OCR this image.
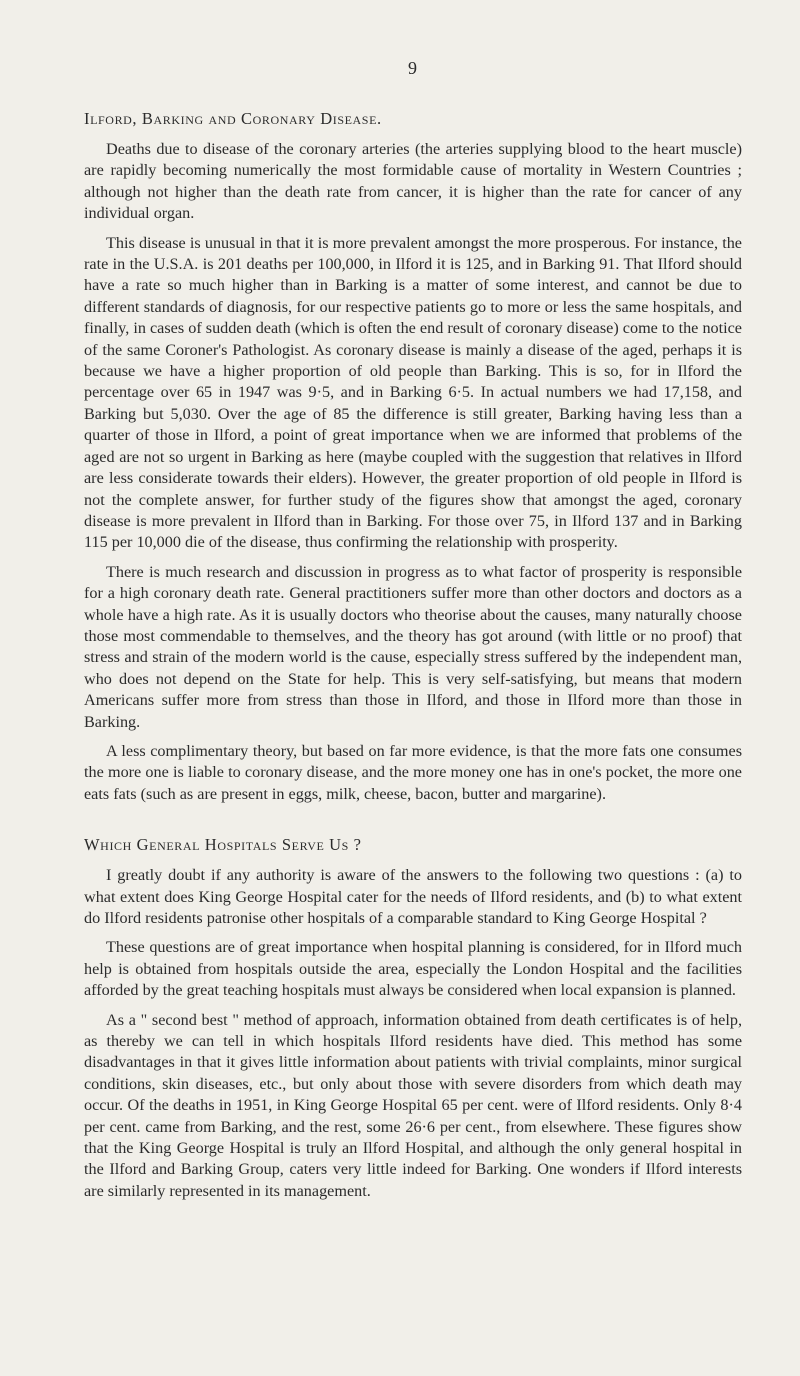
9
Ilford, Barking and Coronary Disease.

Deaths due to disease of the coronary arteries (the arteries supplying blood to the heart muscle) are rapidly becoming numerically the most formidable cause of mortality in Western Countries ; although not higher than the death rate from cancer, it is higher than the rate for cancer of any individual organ.

This disease is unusual in that it is more prevalent amongst the more prosperous. For instance, the rate in the U.S.A. is 201 deaths per 100,000, in Ilford it is 125, and in Barking 91. That Ilford should have a rate so much higher than in Barking is a matter of some interest, and cannot be due to different standards of diagnosis, for our respective patients go to more or less the same hospitals, and finally, in cases of sudden death (which is often the end result of coronary disease) come to the notice of the same Coroner's Pathologist. As coronary disease is mainly a disease of the aged, perhaps it is because we have a higher proportion of old people than Barking. This is so, for in Ilford the percentage over 65 in 1947 was 9·5, and in Barking 6·5. In actual numbers we had 17,158, and Barking but 5,030. Over the age of 85 the difference is still greater, Barking having less than a quarter of those in Ilford, a point of great importance when we are informed that problems of the aged are not so urgent in Barking as here (maybe coupled with the suggestion that relatives in Ilford are less considerate towards their elders). However, the greater proportion of old people in Ilford is not the complete answer, for further study of the figures show that amongst the aged, coronary disease is more prevalent in Ilford than in Barking. For those over 75, in Ilford 137 and in Barking 115 per 10,000 die of the disease, thus confirming the relationship with prosperity.

There is much research and discussion in progress as to what factor of prosperity is responsible for a high coronary death rate. General practitioners suffer more than other doctors and doctors as a whole have a high rate. As it is usually doctors who theorise about the causes, many naturally choose those most commendable to themselves, and the theory has got around (with little or no proof) that stress and strain of the modern world is the cause, especially stress suffered by the independent man, who does not depend on the State for help. This is very self-satisfying, but means that modern Americans suffer more from stress than those in Ilford, and those in Ilford more than those in Barking.

A less complimentary theory, but based on far more evidence, is that the more fats one consumes the more one is liable to coronary disease, and the more money one has in one's pocket, the more one eats fats (such as are present in eggs, milk, cheese, bacon, butter and margarine).

Which General Hospitals Serve Us ?

I greatly doubt if any authority is aware of the answers to the following two questions : (a) to what extent does King George Hospital cater for the needs of Ilford residents, and (b) to what extent do Ilford residents patronise other hospitals of a comparable standard to King George Hospital ?

These questions are of great importance when hospital planning is considered, for in Ilford much help is obtained from hospitals outside the area, especially the London Hospital and the facilities afforded by the great teaching hospitals must always be considered when local expansion is planned.

As a " second best " method of approach, information obtained from death certificates is of help, as thereby we can tell in which hospitals Ilford residents have died. This method has some disadvantages in that it gives little information about patients with trivial complaints, minor surgical conditions, skin diseases, etc., but only about those with severe disorders from which death may occur. Of the deaths in 1951, in King George Hospital 65 per cent. were of Ilford residents. Only 8·4 per cent. came from Barking, and the rest, some 26·6 per cent., from elsewhere. These figures show that the King George Hospital is truly an Ilford Hospital, and although the only general hospital in the Ilford and Barking Group, caters very little indeed for Barking. One wonders if Ilford interests are similarly represented in its management.
